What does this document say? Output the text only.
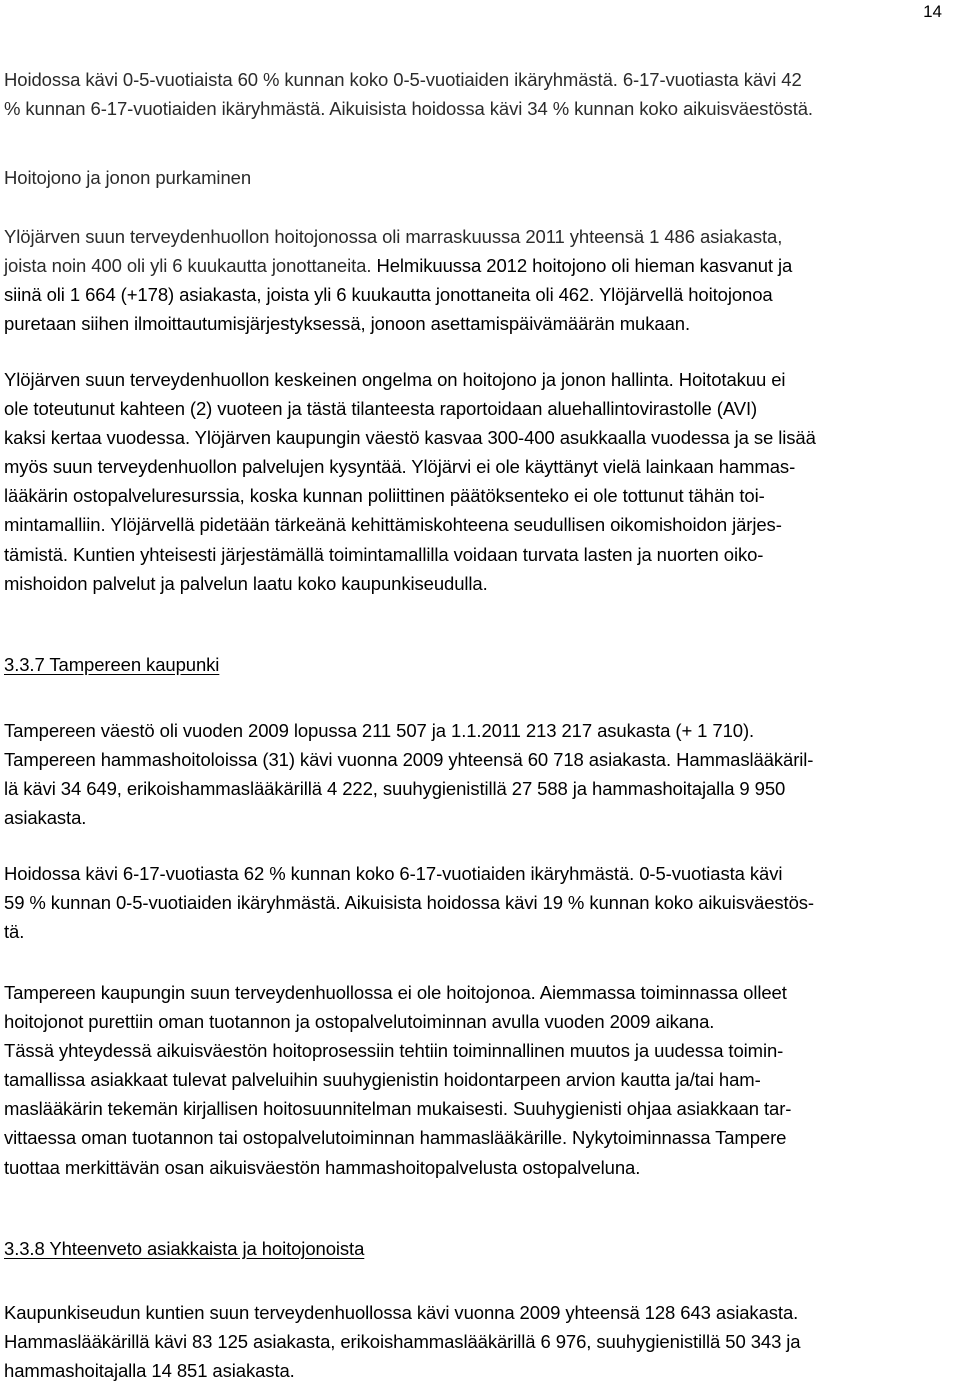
14

Hoidossa kävi 0-5-vuotiaista 60 % kunnan koko 0-5-vuotiaiden ikäryhmästä. 6-17-vuotiasta kävi 42

% kunnan 6-17-vuotiaiden ikäryhmästä. Aikuisista hoidossa kävi 34 % kunnan koko aikuisväestöstä.

Hoitojono ja jonon purkaminen

Ylöjärven suun terveydenhuollon hoitojonossa oli marraskuussa 2011 yhteensä 1 486 asiakasta,

joista noin 400 oli yli 6 kuukautta jonottaneita. Helmikuussa 2012 hoitojono oli hieman kasvanut ja

siinä oli 1 664 (+178) asiakasta, joista yli 6 kuukautta jonottaneita oli 462. Ylöjärvellä hoitojonoa

puretaan siihen ilmoittautumisjärjestyksessä, jonoon asettamispäivämäärän mukaan.

Ylöjärven suun terveydenhuollon keskeinen ongelma on hoitojono ja jonon hallinta. Hoitotakuu ei

ole toteutunut kahteen (2) vuoteen ja tästä tilanteesta raportoidaan aluehallintovirastolle (AVI)

kaksi kertaa vuodessa. Ylöjärven kaupungin väestö kasvaa 300-400 asukkaalla vuodessa ja se lisää

myös suun terveydenhuollon palvelujen kysyntää. Ylöjärvi ei ole käyttänyt vielä lainkaan hammas-

lääkärin ostopalveluresurssia, koska kunnan poliittinen päätöksenteko ei ole tottunut tähän toi-

mintamalliin. Ylöjärvellä pidetään tärkeänä kehittämiskohteena seudullisen oikomishoidon järjes-

tämistä. Kuntien yhteisesti järjestämällä toimintamallilla voidaan turvata lasten ja nuorten oiko-

mishoidon palvelut ja palvelun laatu koko kaupunkiseudulla.

3.3.7 Tampereen kaupunki

Tampereen väestö oli vuoden 2009 lopussa 211 507 ja 1.1.2011 213 217 asukasta (+ 1 710).

Tampereen hammashoitoloissa (31) kävi vuonna 2009 yhteensä 60 718 asiakasta. Hammaslääkäril-

lä kävi 34 649, erikoishammaslääkärillä 4 222, suuhygienistillä 27 588 ja hammashoitajalla 9 950

asiakasta.

Hoidossa kävi 6-17-vuotiasta 62 % kunnan koko 6-17-vuotiaiden ikäryhmästä. 0-5-vuotiasta kävi

59 % kunnan 0-5-vuotiaiden ikäryhmästä. Aikuisista hoidossa kävi 19 % kunnan koko aikuisväestös-

tä.

Tampereen kaupungin suun terveydenhuollossa ei ole hoitojonoa. Aiemmassa toiminnassa olleet

hoitojonot purettiin oman tuotannon ja ostopalvelutoiminnan avulla vuoden 2009 aikana.

Tässä yhteydessä aikuisväestön hoitoprosessiin tehtiin toiminnallinen muutos ja uudessa toimin-

tamallissa asiakkaat tulevat palveluihin suuhygienistin hoidontarpeen arvion kautta ja/tai ham-

maslääkärin tekemän kirjallisen hoitosuunnitelman mukaisesti. Suuhygienisti ohjaa asiakkaan tar-

vittaessa oman tuotannon tai ostopalvelutoiminnan hammaslääkärille. Nykytoiminnassa Tampere

tuottaa merkittävän osan aikuisväestön hammashoitopalvelusta ostopalveluna.

3.3.8 Yhteenveto asiakkaista ja hoitojonoista

Kaupunkiseudun kuntien suun terveydenhuollossa kävi vuonna 2009 yhteensä 128 643 asiakasta.

Hammaslääkärillä kävi 83 125 asiakasta, erikoishammaslääkärillä 6 976, suuhygienistillä 50 343 ja

hammashoitajalla 14 851 asiakasta.
